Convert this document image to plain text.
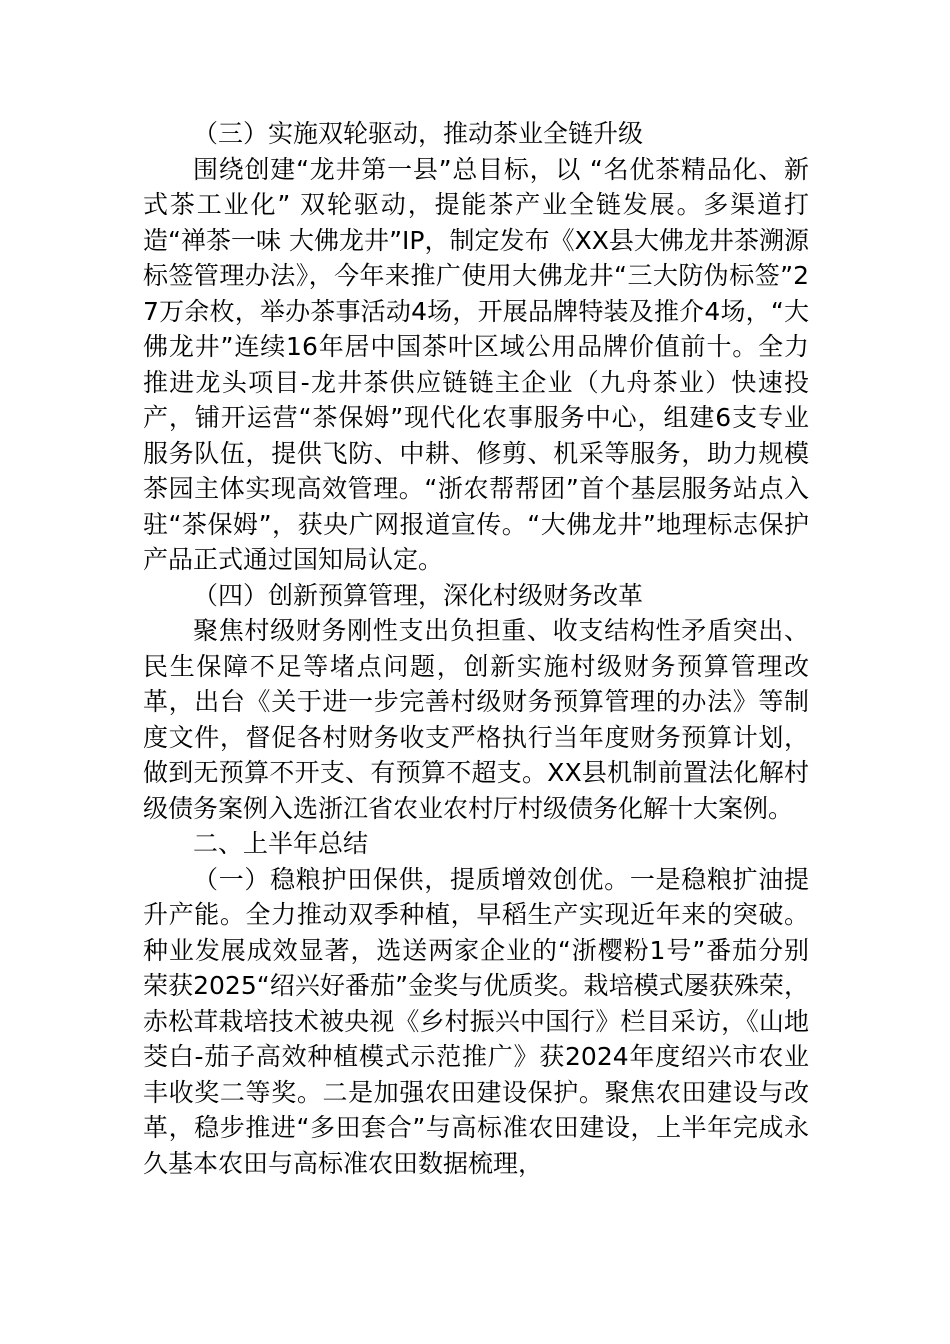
（三）实施双轮驱动，推动茶业全链升级

围绕创建“龙井第一县”总目标，以 “名优茶精品化、新式茶工业化” 双轮驱动，提能茶产业全链发展。多渠道打造“禅茶一味 大佛龙井”IP，制定发布《XX县大佛龙井茶溯源标签管理办法》，今年来推广使用大佛龙井“三大防伪标签”27万余枚，举办茶事活动4场，开展品牌特装及推介4场，“大佛龙井”连续16年居中国茶叶区域公用品牌价值前十。全力推进龙头项目-龙井茶供应链链主企业（九舟茶业）快速投产，铺开运营“茶保姆”现代化农事服务中心，组建6支专业服务队伍，提供飞防、中耕、修剪、机采等服务，助力规模茶园主体实现高效管理。“浙农帮帮团”首个基层服务站点入驻“茶保姆”，获央广网报道宣传。“大佛龙井”地理标志保护产品正式通过国知局认定。

（四）创新预算管理，深化村级财务改革

聚焦村级财务刚性支出负担重、收支结构性矛盾突出、民生保障不足等堵点问题，创新实施村级财务预算管理改革，出台《关于进一步完善村级财务预算管理的办法》等制度文件，督促各村财务收支严格执行当年度财务预算计划，做到无预算不开支、有预算不超支。XX县机制前置法化解村级债务案例入选浙江省农业农村厅村级债务化解十大案例。

二、上半年总结

（一）稳粮护田保供，提质增效创优。一是稳粮扩油提升产能。全力推动双季种植，早稻生产实现近年来的突破。种业发展成效显著，选送两家企业的“浙樱粉1号”番茄分别荣获2025“绍兴好番茄”金奖与优质奖。栽培模式屡获殊荣，赤松茸栽培技术被央视《乡村振兴中国行》栏目采访，《山地茭白-茄子高效种植模式示范推广》获2024年度绍兴市农业丰收奖二等奖。二是加强农田建设保护。聚焦农田建设与改革，稳步推进“多田套合”与高标准农田建设，上半年完成永久基本农田与高标准农田数据梳理，
